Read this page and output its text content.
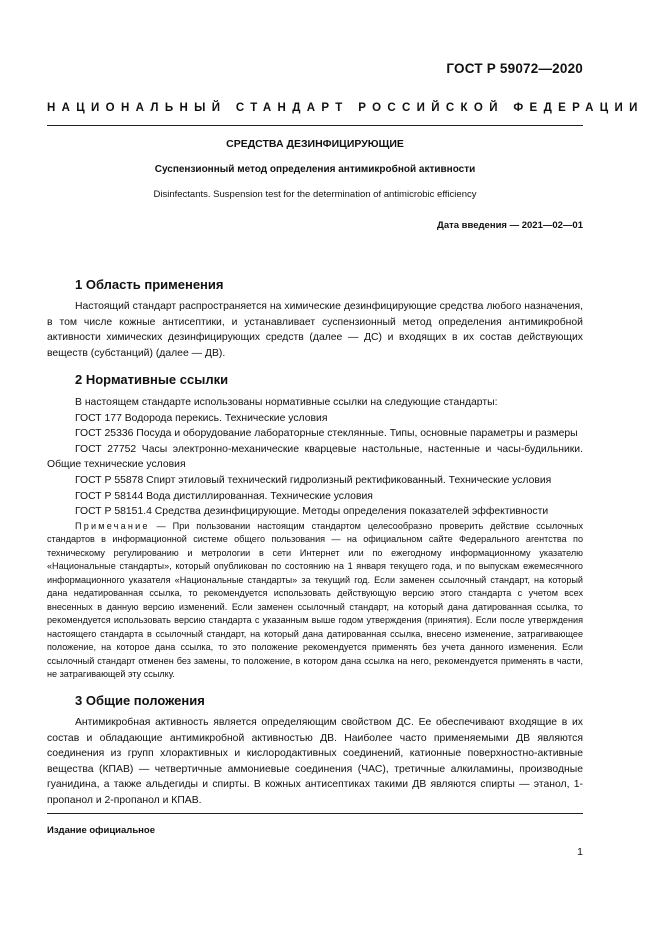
ГОСТ Р 59072—2020
НАЦИОНАЛЬНЫЙ СТАНДАРТ РОССИЙСКОЙ ФЕДЕРАЦИИ
СРЕДСТВА ДЕЗИНФИЦИРУЮЩИЕ
Суспензионный метод определения антимикробной активности
Disinfectants. Suspension test for the determination of antimicrobic efficiency
Дата введения — 2021—02—01
1 Область применения

Настоящий стандарт распространяется на химические дезинфицирующие средства любого назначения, в том числе кожные антисептики, и устанавливает суспензионный метод определения антимикробной активности химических дезинфицирующих средств (далее — ДС) и входящих в их состав действующих веществ (субстанций) (далее — ДВ).

2 Нормативные ссылки

В настоящем стандарте использованы нормативные ссылки на следующие стандарты:

ГОСТ 177 Водорода перекись. Технические условия

ГОСТ 25336 Посуда и оборудование лабораторные стеклянные. Типы, основные параметры и размеры

ГОСТ 27752 Часы электронно-механические кварцевые настольные, настенные и часы-будильники. Общие технические условия

ГОСТ Р 55878 Спирт этиловый технический гидролизный ректификованный. Технические условия

ГОСТ Р 58144 Вода дистиллированная. Технические условия

ГОСТ Р 58151.4 Средства дезинфицирующие. Методы определения показателей эффективности

Примечание — При пользовании настоящим стандартом целесообразно проверить действие ссылочных стандартов в информационной системе общего пользования — на официальном сайте Федерального агентства по техническому регулированию и метрологии в сети Интернет или по ежегодному информационному указателю «Национальные стандарты», который опубликован по состоянию на 1 января текущего года, и по выпускам ежемесячного информационного указателя «Национальные стандарты» за текущий год. Если заменен ссылочный стандарт, на который дана недатированная ссылка, то рекомендуется использовать действующую версию этого стандарта с учетом всех внесенных в данную версию изменений. Если заменен ссылочный стандарт, на который дана датированная ссылка, то рекомендуется использовать версию стандарта с указанным выше годом утверждения (принятия). Если после утверждения настоящего стандарта в ссылочный стандарт, на который дана датированная ссылка, внесено изменение, затрагивающее положение, на которое дана ссылка, то это положение рекомендуется применять без учета данного изменения. Если ссылочный стандарт отменен без замены, то положение, в котором дана ссылка на него, рекомендуется применять в части, не затрагивающей эту ссылку.
3 Общие положения

Антимикробная активность является определяющим свойством ДС. Ее обеспечивают входящие в их состав и обладающие антимикробной активностью ДВ. Наиболее часто применяемыми ДВ являются соединения из групп хлорактивных и кислородактивных соединений, катионные поверхностно-активные вещества (КПАВ) — четвертичные аммониевые соединения (ЧАС), третичные алкиламины, производные гуанидина, а также альдегиды и спирты. В кожных антисептиках такими ДВ являются спирты — этанол, 1-пропанол и 2-пропанол и КПАВ.

Издание официальное
1
